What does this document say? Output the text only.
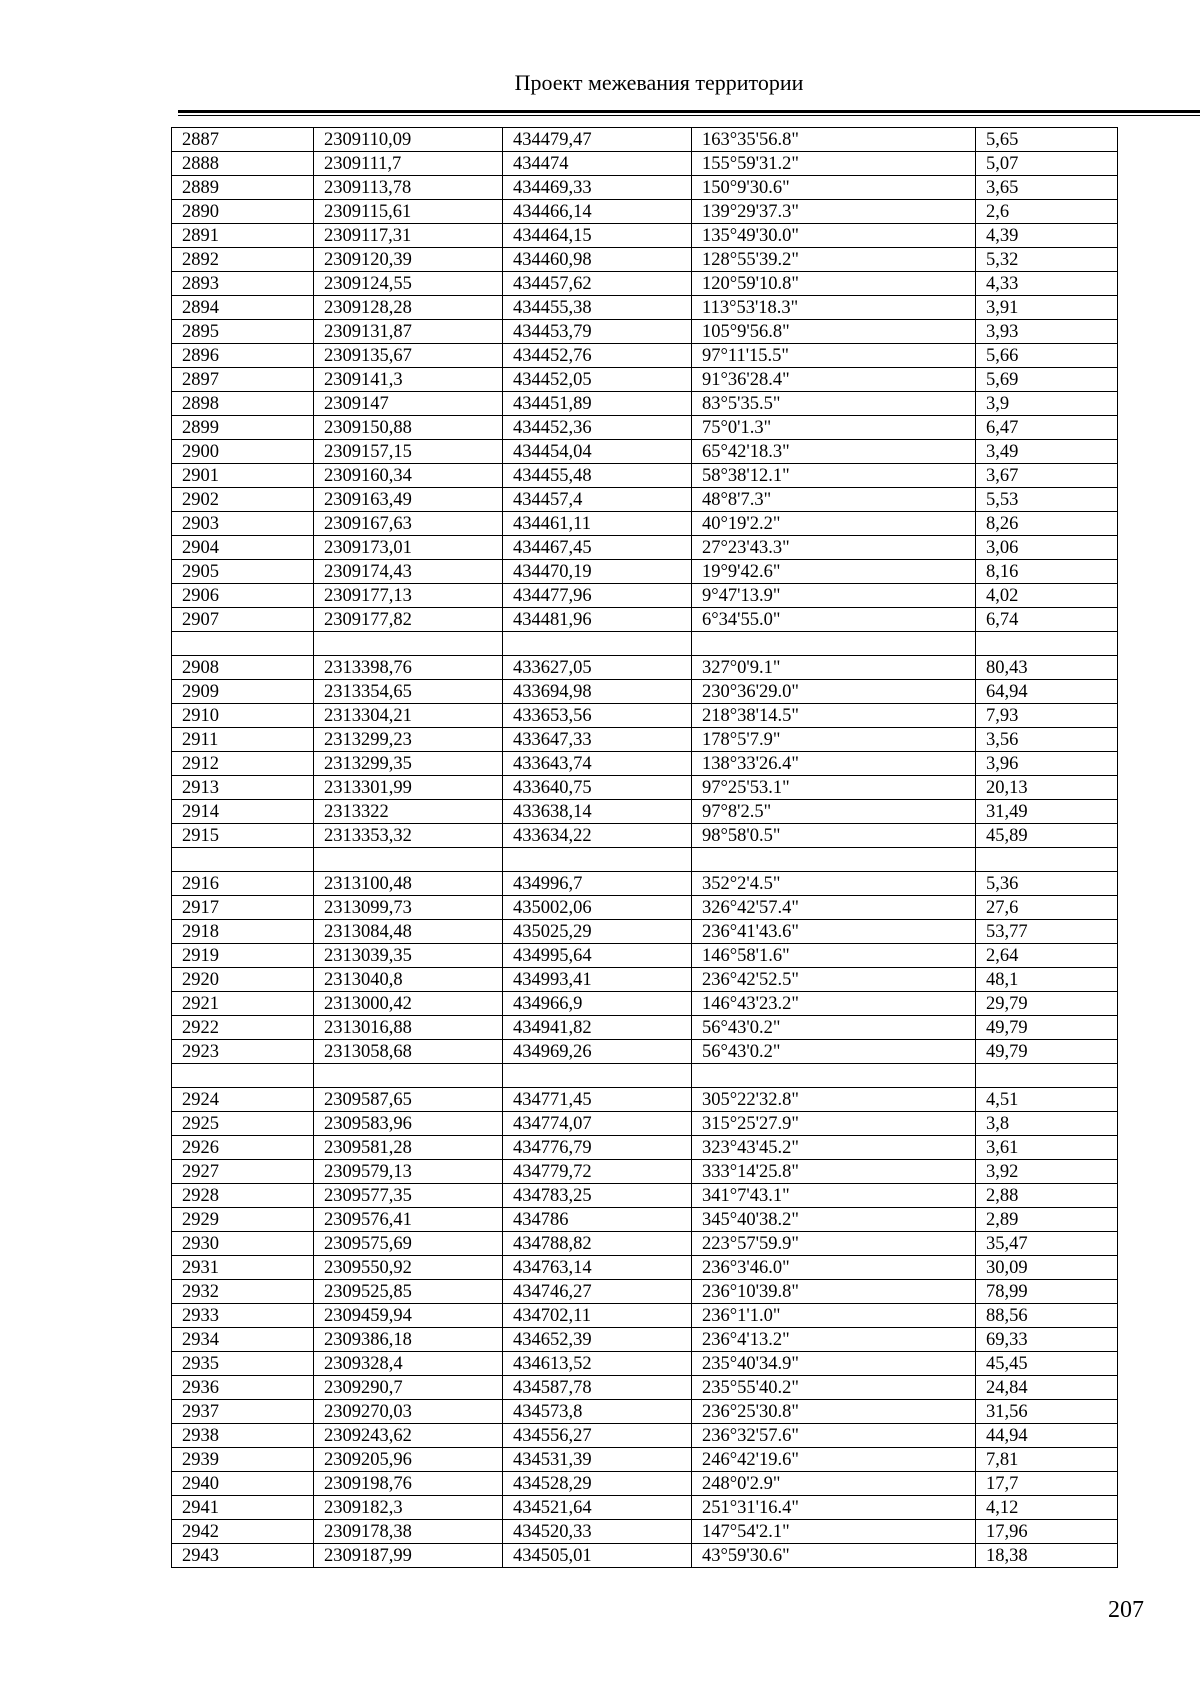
Проект межевания территории
2887	2309110,09	434479,47	163°35'56.8"	5,65
2888	2309111,7	434474	155°59'31.2"	5,07
2889	2309113,78	434469,33	150°9'30.6"	3,65
2890	2309115,61	434466,14	139°29'37.3"	2,6
2891	2309117,31	434464,15	135°49'30.0"	4,39
2892	2309120,39	434460,98	128°55'39.2"	5,32
2893	2309124,55	434457,62	120°59'10.8"	4,33
2894	2309128,28	434455,38	113°53'18.3"	3,91
2895	2309131,87	434453,79	105°9'56.8"	3,93
2896	2309135,67	434452,76	97°11'15.5"	5,66
2897	2309141,3	434452,05	91°36'28.4"	5,69
2898	2309147	434451,89	83°5'35.5"	3,9
2899	2309150,88	434452,36	75°0'1.3"	6,47
2900	2309157,15	434454,04	65°42'18.3"	3,49
2901	2309160,34	434455,48	58°38'12.1"	3,67
2902	2309163,49	434457,4	48°8'7.3"	5,53
2903	2309167,63	434461,11	40°19'2.2"	8,26
2904	2309173,01	434467,45	27°23'43.3"	3,06
2905	2309174,43	434470,19	19°9'42.6"	8,16
2906	2309177,13	434477,96	9°47'13.9"	4,02
2907	2309177,82	434481,96	6°34'55.0"	6,74

2908	2313398,76	433627,05	327°0'9.1"	80,43
2909	2313354,65	433694,98	230°36'29.0"	64,94
2910	2313304,21	433653,56	218°38'14.5"	7,93
2911	2313299,23	433647,33	178°5'7.9"	3,56
2912	2313299,35	433643,74	138°33'26.4"	3,96
2913	2313301,99	433640,75	97°25'53.1"	20,13
2914	2313322	433638,14	97°8'2.5"	31,49
2915	2313353,32	433634,22	98°58'0.5"	45,89

2916	2313100,48	434996,7	352°2'4.5"	5,36
2917	2313099,73	435002,06	326°42'57.4"	27,6
2918	2313084,48	435025,29	236°41'43.6"	53,77
2919	2313039,35	434995,64	146°58'1.6"	2,64
2920	2313040,8	434993,41	236°42'52.5"	48,1
2921	2313000,42	434966,9	146°43'23.2"	29,79
2922	2313016,88	434941,82	56°43'0.2"	49,79
2923	2313058,68	434969,26	56°43'0.2"	49,79

2924	2309587,65	434771,45	305°22'32.8"	4,51
2925	2309583,96	434774,07	315°25'27.9"	3,8
2926	2309581,28	434776,79	323°43'45.2"	3,61
2927	2309579,13	434779,72	333°14'25.8"	3,92
2928	2309577,35	434783,25	341°7'43.1"	2,88
2929	2309576,41	434786	345°40'38.2"	2,89
2930	2309575,69	434788,82	223°57'59.9"	35,47
2931	2309550,92	434763,14	236°3'46.0"	30,09
2932	2309525,85	434746,27	236°10'39.8"	78,99
2933	2309459,94	434702,11	236°1'1.0"	88,56
2934	2309386,18	434652,39	236°4'13.2"	69,33
2935	2309328,4	434613,52	235°40'34.9"	45,45
2936	2309290,7	434587,78	235°55'40.2"	24,84
2937	2309270,03	434573,8	236°25'30.8"	31,56
2938	2309243,62	434556,27	236°32'57.6"	44,94
2939	2309205,96	434531,39	246°42'19.6"	7,81
2940	2309198,76	434528,29	248°0'2.9"	17,7
2941	2309182,3	434521,64	251°31'16.4"	4,12
2942	2309178,38	434520,33	147°54'2.1"	17,96
2943	2309187,99	434505,01	43°59'30.6"	18,38
207
